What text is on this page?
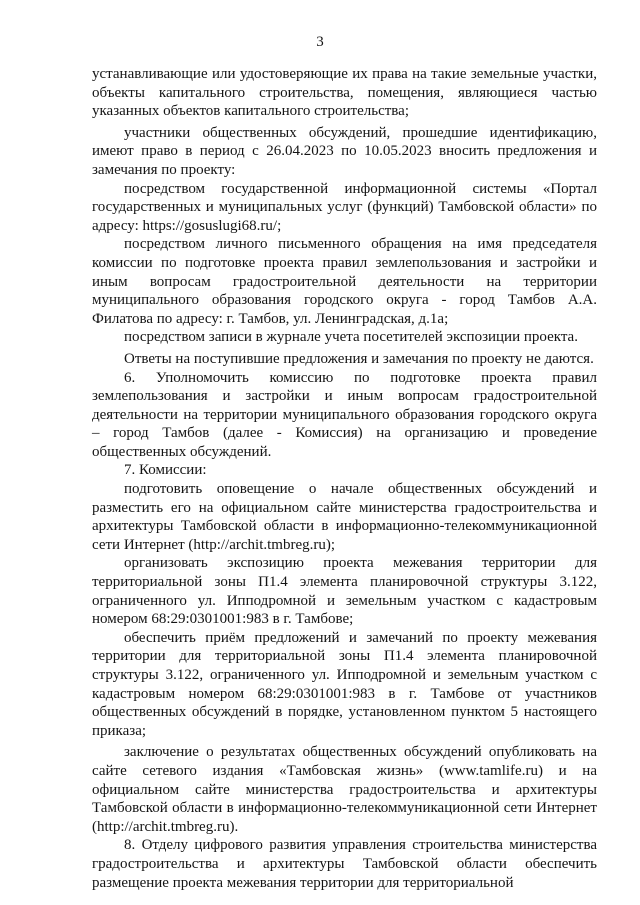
3

устанавливающие или удостоверяющие их права на такие земельные участки, объекты капитального строительства, помещения, являющиеся частью указанных объектов капитального строительства;

участники общественных обсуждений, прошедшие идентификацию, имеют право в период с 26.04.2023 по 10.05.2023 вносить предложения и замечания по проекту:

посредством государственной информационной системы «Портал государственных и муниципальных услуг (функций) Тамбовской области» по адресу: https://gosuslugi68.ru/;

посредством личного письменного обращения на имя председателя комиссии по подготовке проекта правил землепользования и застройки и иным вопросам градостроительной деятельности на территории муниципального образования городского округа - город Тамбов А.А. Филатова по адресу: г. Тамбов, ул. Ленинградская, д.1а;

посредством записи в журнале учета посетителей экспозиции проекта.

Ответы на поступившие предложения и замечания по проекту не даются.

6. Уполномочить комиссию по подготовке проекта правил землепользования и застройки и иным вопросам градостроительной деятельности на территории муниципального образования городского округа – город Тамбов (далее - Комиссия) на организацию и проведение общественных обсуждений.

7. Комиссии:

подготовить оповещение о начале общественных обсуждений и разместить его на официальном сайте министерства градостроительства и архитектуры Тамбовской области в информационно-телекоммуникационной сети Интернет (http://archit.tmbreg.ru);

организовать экспозицию проекта межевания территории для территориальной зоны П1.4 элемента планировочной структуры 3.122, ограниченного ул. Ипподромной и земельным участком с кадастровым номером 68:29:0301001:983 в г. Тамбове;

обеспечить приём предложений и замечаний по проекту межевания территории для территориальной зоны П1.4 элемента планировочной структуры 3.122, ограниченного ул. Ипподромной и земельным участком с кадастровым номером 68:29:0301001:983 в г. Тамбове от участников общественных обсуждений в порядке, установленном пунктом 5 настоящего приказа;

заключение о результатах общественных обсуждений опубликовать на сайте сетевого издания «Тамбовская жизнь» (www.tamlife.ru) и на официальном сайте министерства градостроительства и архитектуры Тамбовской области в информационно-телекоммуникационной сети Интернет (http://archit.tmbreg.ru).

8. Отделу цифрового развития управления строительства министерства градостроительства и архитектуры Тамбовской области обеспечить размещение проекта межевания территории для территориальной
